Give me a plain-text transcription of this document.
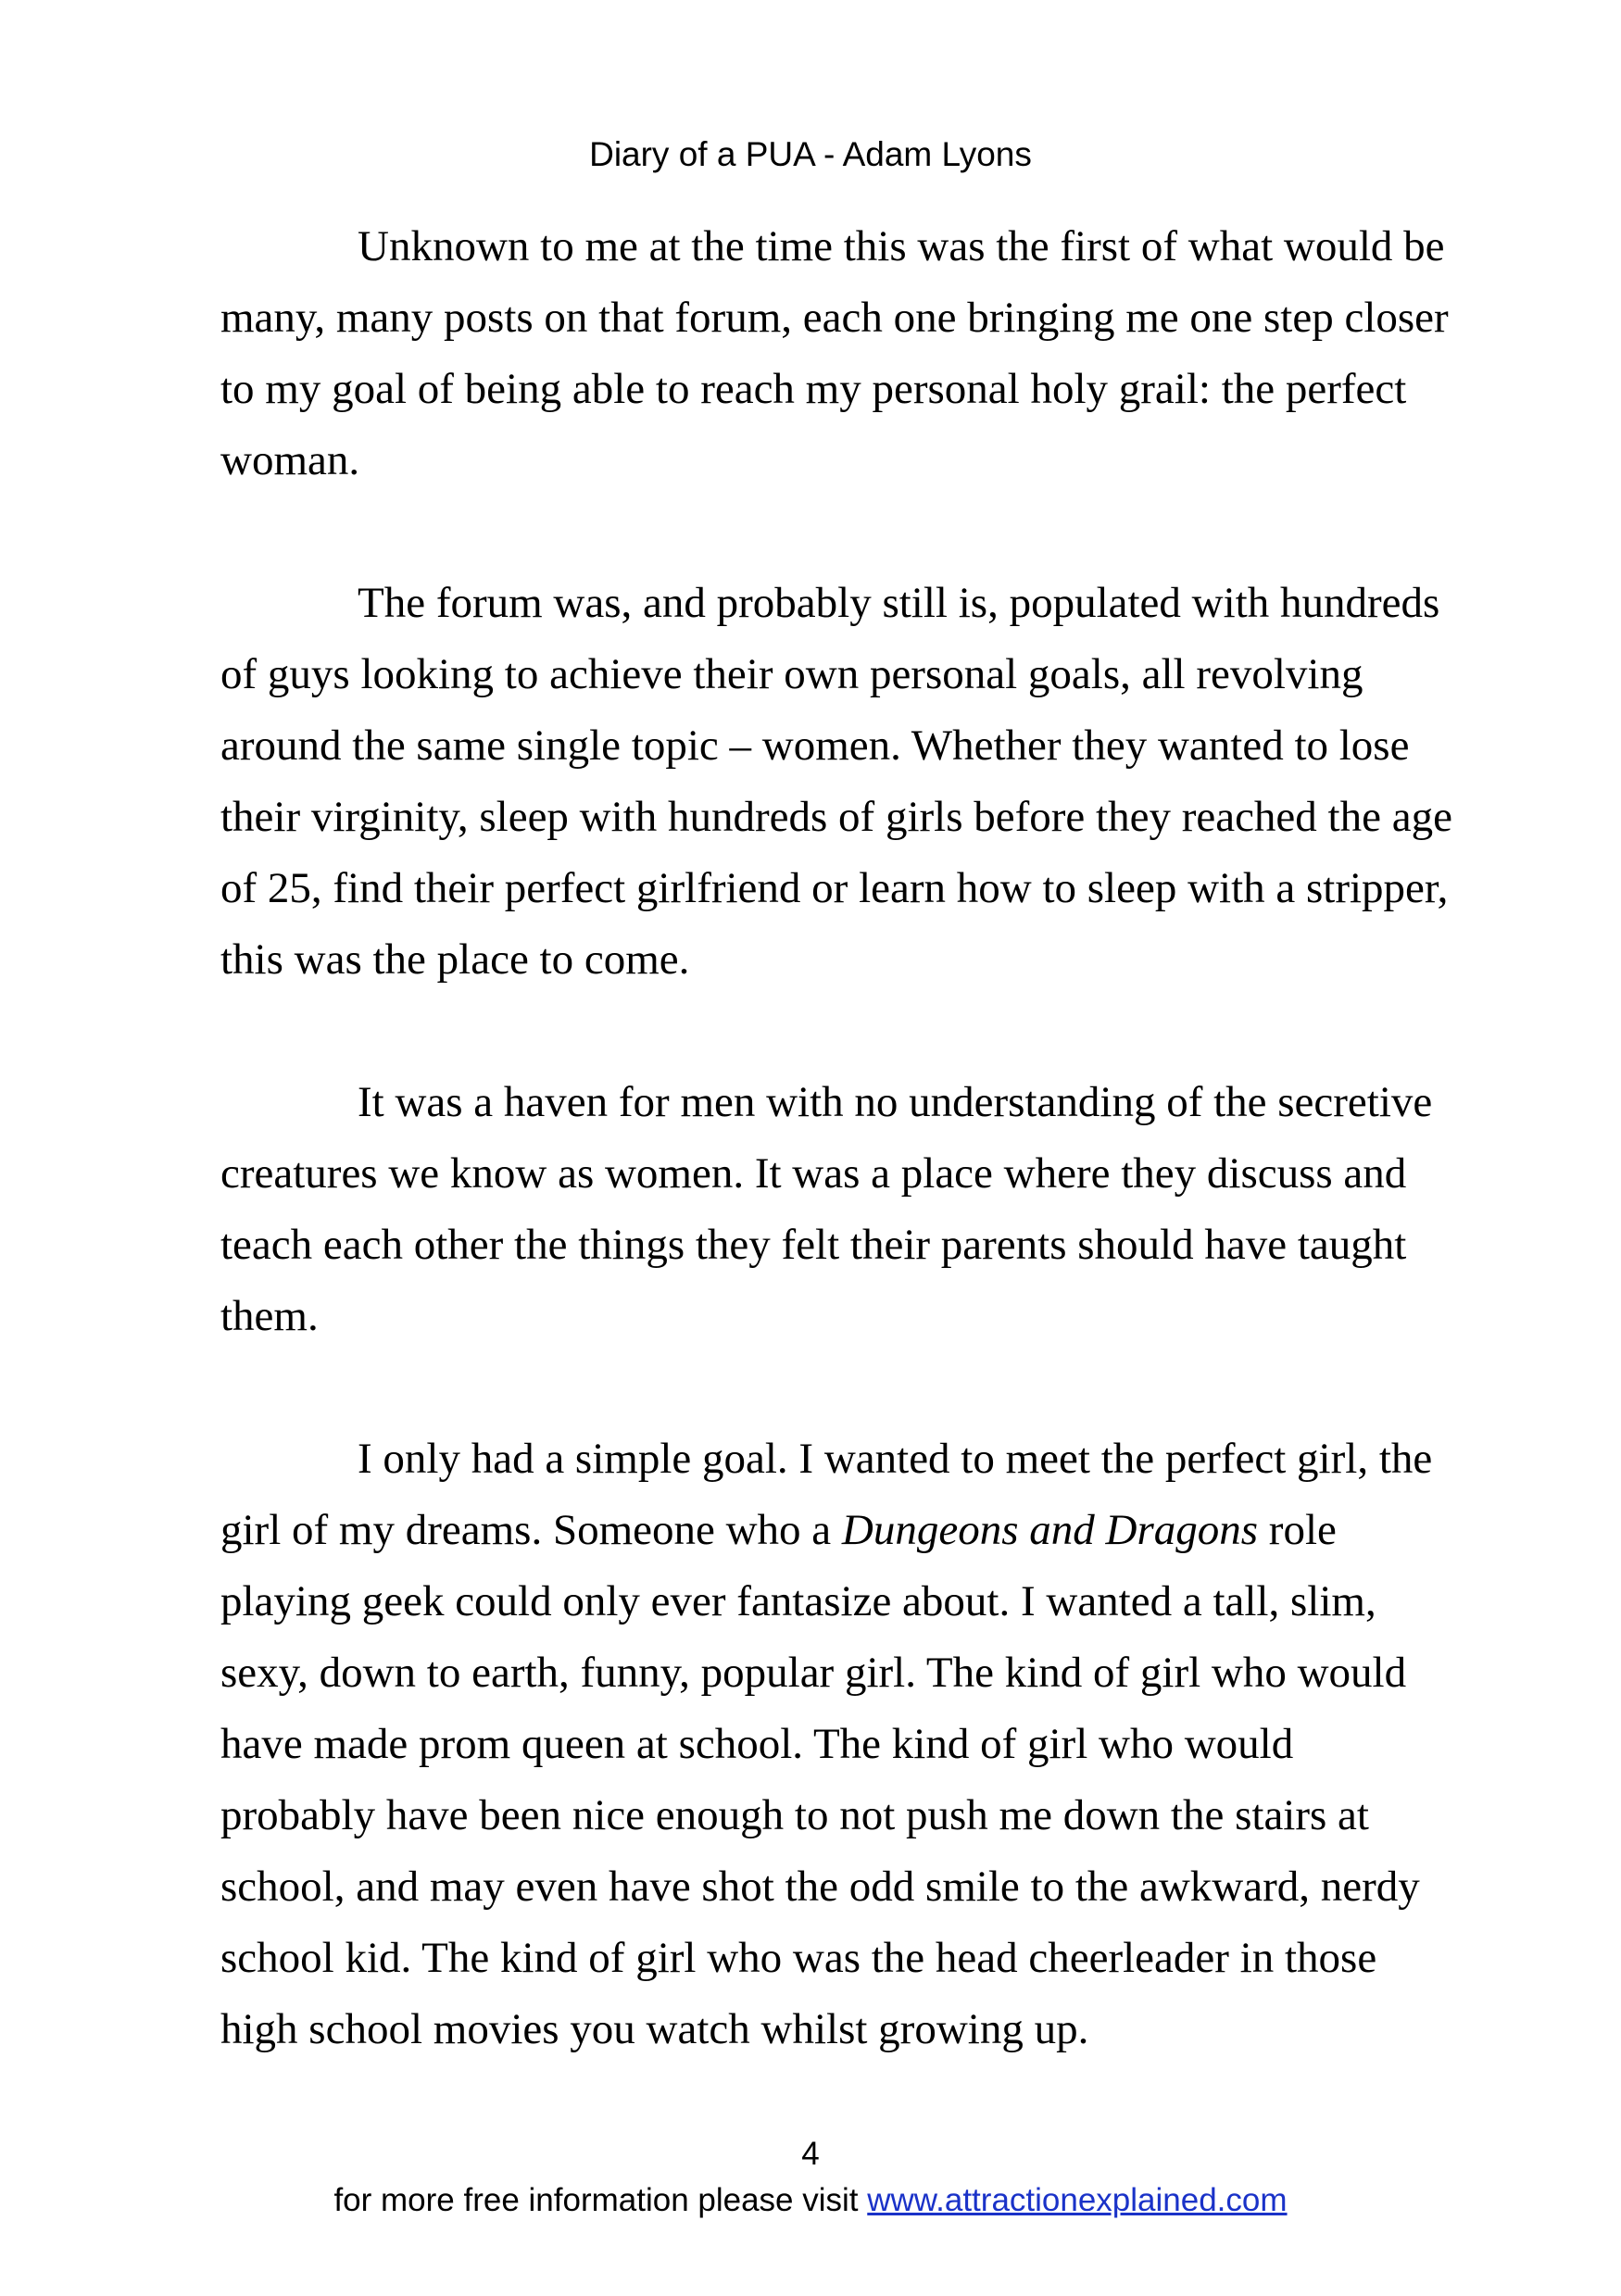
Diary of a PUA - Adam Lyons

Unknown to me at the time this was the first of what would be many, many posts on that forum, each one bringing me one step closer to my goal of being able to reach my personal holy grail: the perfect woman.

The forum was, and probably still is, populated with hundreds of guys looking to achieve their own personal goals, all revolving around the same single topic – women. Whether they wanted to lose their virginity, sleep with hundreds of girls before they reached the age of 25, find their perfect girlfriend or learn how to sleep with a stripper, this was the place to come.

It was a haven for men with no understanding of the secretive creatures we know as women. It was a place where they discuss and teach each other the things they felt their parents should have taught them.

I only had a simple goal. I wanted to meet the perfect girl, the girl of my dreams. Someone who a Dungeons and Dragons role playing geek could only ever fantasize about. I wanted a tall, slim, sexy, down to earth, funny, popular girl. The kind of girl who would have made prom queen at school. The kind of girl who would probably have been nice enough to not push me down the stairs at school, and may even have shot the odd smile to the awkward, nerdy school kid. The kind of girl who was the head cheerleader in those high school movies you watch whilst growing up.

4
for more free information please visit www.attractionexplained.com
